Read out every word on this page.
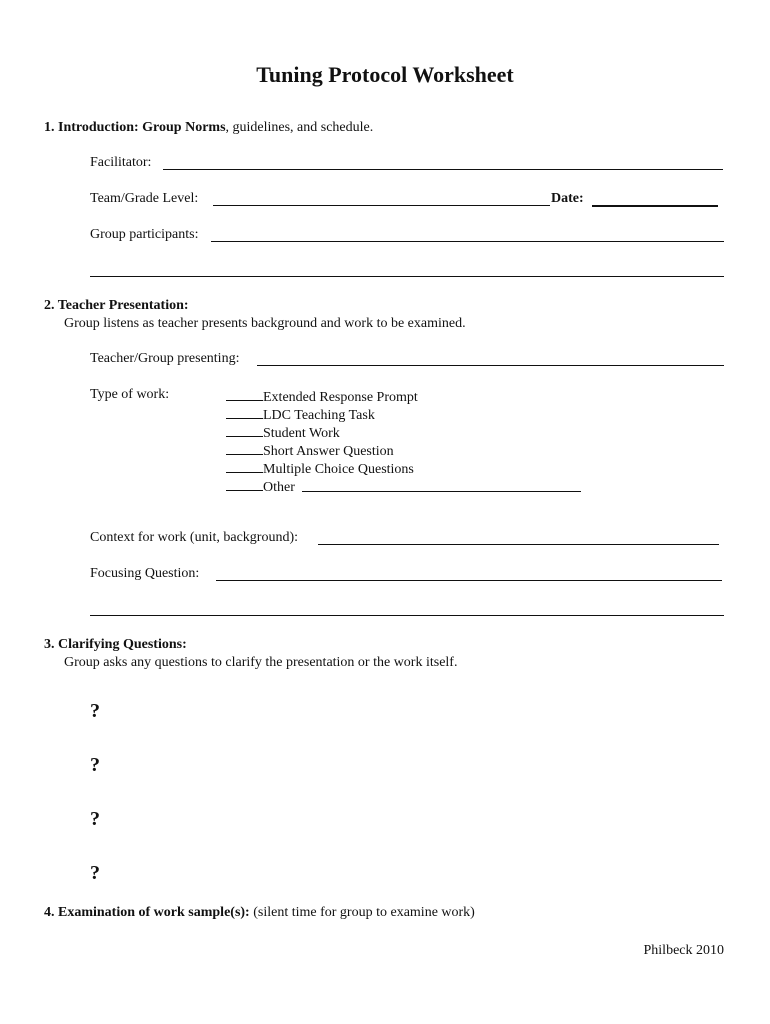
Tuning Protocol Worksheet
1. Introduction: Group Norms, guidelines, and schedule.
Facilitator:
Team/Grade Level:	Date:
Group participants:
2. Teacher Presentation:
Group listens as teacher presents background and work to be examined.
Teacher/Group presenting:
Type of work:	Extended Response Prompt
LDC Teaching Task
Student Work
Short Answer Question
Multiple Choice Questions
Other
Context for work (unit, background):
Focusing Question:
3. Clarifying Questions:
Group asks any questions to clarify the presentation or the work itself.
?
?
?
?
4. Examination of work sample(s): (silent time for group to examine work)
Philbeck 2010
